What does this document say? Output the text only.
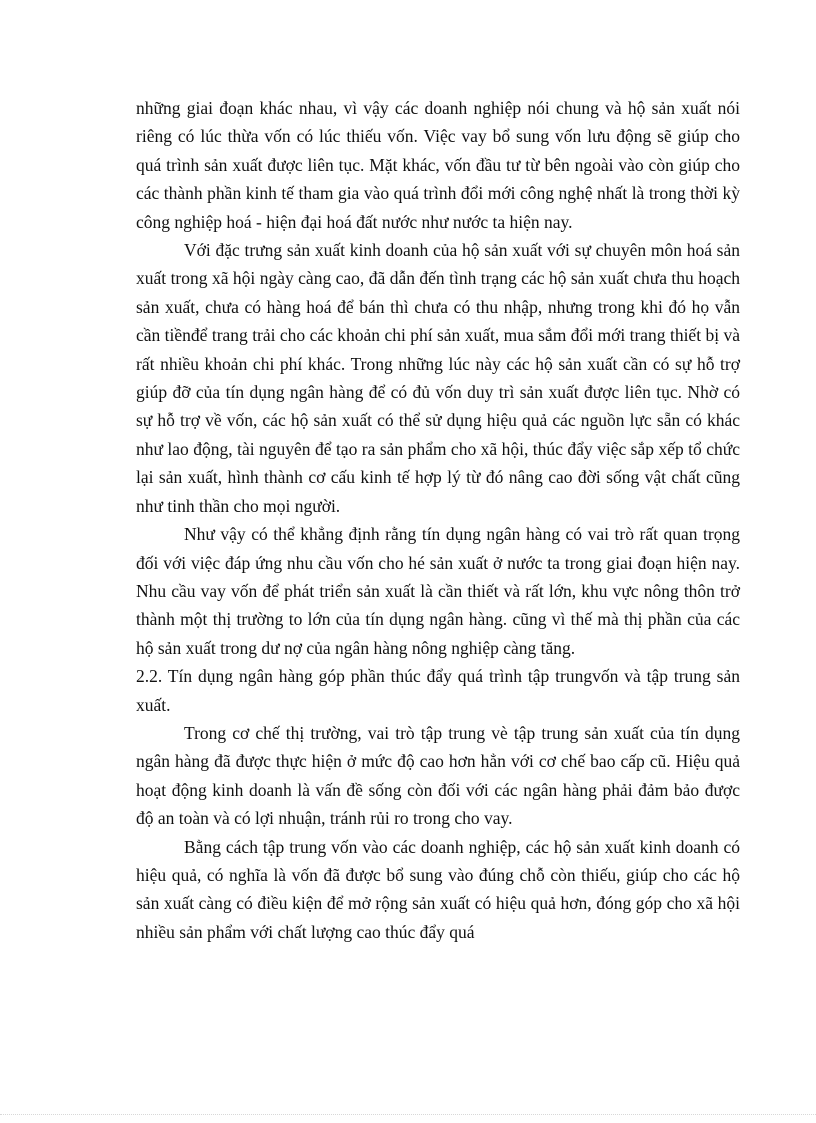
những giai đoạn khác nhau, vì vậy các doanh nghiệp nói chung và hộ sản xuất nói riêng có lúc thừa vốn có lúc thiếu vốn. Việc vay bổ sung vốn lưu động sẽ giúp cho quá trình sản xuất được liên tục. Mặt khác, vốn đầu tư từ bên ngoài vào còn giúp cho các thành phần kinh tế tham gia vào quá trình đổi mới công nghệ nhất là trong thời kỳ công nghiệp hoá - hiện đại hoá đất nước như nước ta hiện nay.

Với đặc trưng sản xuất kinh doanh của hộ sản xuất với sự chuyên môn hoá sản xuất trong xã hội ngày càng cao, đã dẫn đến tình trạng các hộ sản xuất chưa thu hoạch sản xuất, chưa có hàng hoá để bán thì chưa có thu nhập, nhưng trong khi đó họ vẫn cần tiềnđể trang trải cho các khoản chi phí sản xuất, mua sắm đổi mới trang thiết bị và rất nhiều khoản chi phí khác. Trong những lúc này các hộ sản xuất cần có sự hỗ trợ giúp đỡ của tín dụng ngân hàng để có đủ vốn duy trì sản xuất được liên tục. Nhờ có sự hỗ trợ về vốn, các hộ sản xuất có thể sử dụng hiệu quả các nguồn lực sẵn có khác như lao động, tài nguyên để tạo ra sản phẩm cho xã hội, thúc đẩy việc sắp xếp tổ chức lại sản xuất, hình thành cơ cấu kinh tế hợp lý từ đó nâng cao đời sống vật chất cũng như tinh thần cho mọi người.

Như vậy có thể khẳng định rằng tín dụng ngân hàng có vai trò rất quan trọng đối với việc đáp ứng nhu cầu vốn cho hé sản xuất ở nước ta trong giai đoạn hiện nay. Nhu cầu vay vốn để phát triển sản xuất là cần thiết và rất lớn, khu vực nông thôn trở thành một thị trường to lớn của tín dụng ngân hàng. cũng vì thế mà thị phần của các hộ sản xuất trong dư nợ của ngân hàng nông nghiệp càng tăng.

2.2. Tín dụng ngân hàng góp phần thúc đẩy quá trình tập trungvốn và tập trung sản xuất.

Trong cơ chế thị trường, vai trò tập trung vè tập trung sản xuất của tín dụng ngân hàng đã được thực hiện ở mức độ cao hơn hẳn với cơ chế bao cấp cũ. Hiệu quả hoạt động kinh doanh là vấn đề sống còn đối với các ngân hàng phải đảm bảo được độ an toàn và có lợi nhuận, tránh rủi ro trong cho vay.

Bằng cách tập trung vốn vào các doanh nghiệp, các hộ sản xuất kinh doanh có hiệu quả, có nghĩa là vốn đã được bổ sung vào đúng chỗ còn thiếu, giúp cho các hộ sản xuất càng có điều kiện để mở rộng sản xuất có hiệu quả hơn, đóng góp cho xã hội nhiều sản phẩm với chất lượng cao thúc đẩy quá
